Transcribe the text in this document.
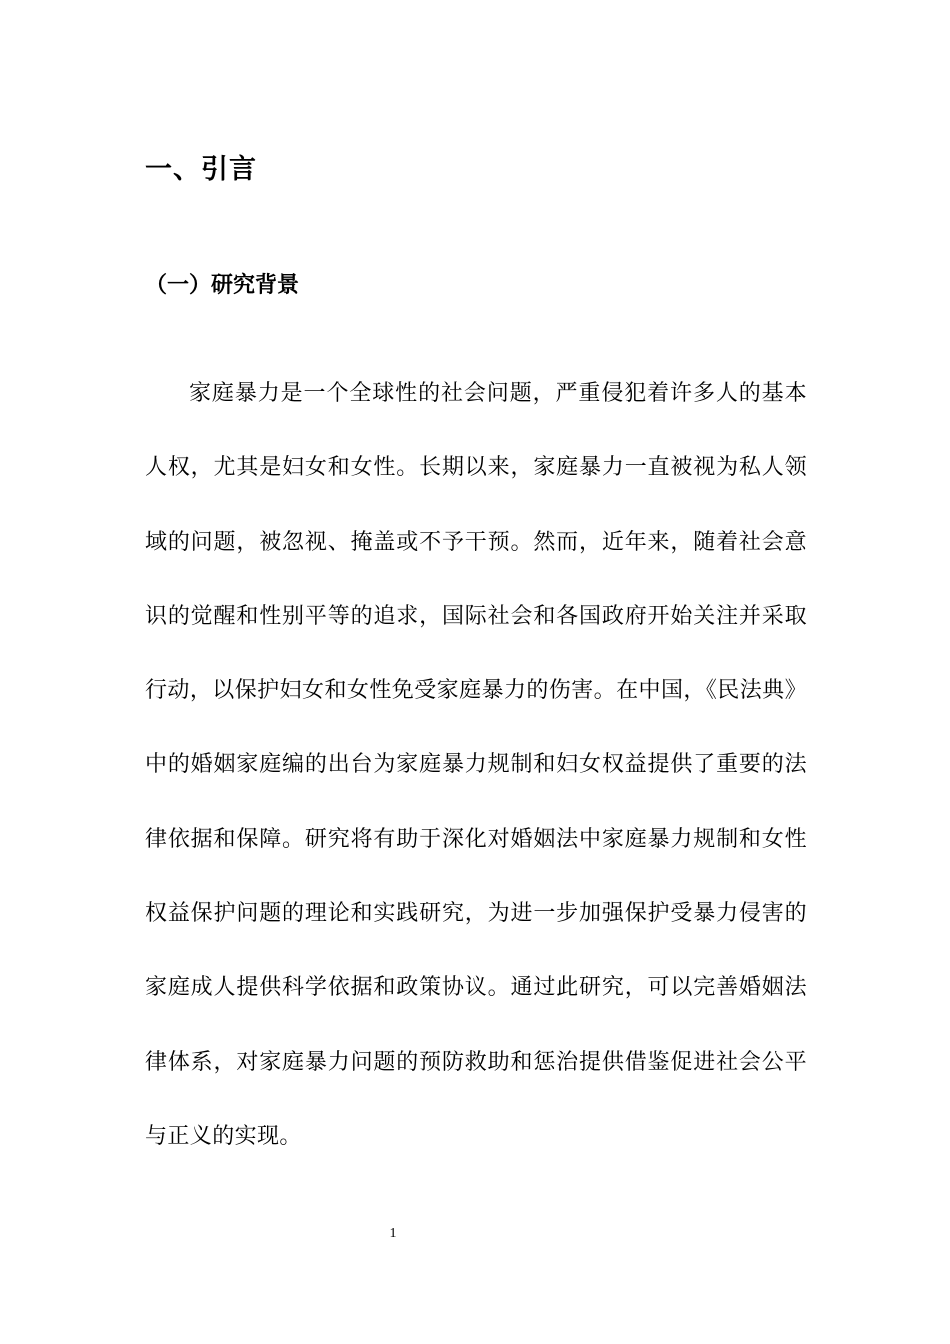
一、引言
（一）研究背景

家庭暴力是一个全球性的社会问题，严重侵犯着许多人的基本人权，尤其是妇女和女性。长期以来，家庭暴力一直被视为私人领域的问题，被忽视、掩盖或不予干预。然而，近年来，随着社会意识的觉醒和性别平等的追求，国际社会和各国政府开始关注并采取行动，以保护妇女和女性免受家庭暴力的伤害。在中国，《民法典》中的婚姻家庭编的出台为家庭暴力规制和妇女权益提供了重要的法律依据和保障。研究将有助于深化对婚姻法中家庭暴力规制和女性权益保护问题的理论和实践研究，为进一步加强保护受暴力侵害的家庭成人提供科学依据和政策协议。通过此研究，可以完善婚姻法律体系，对家庭暴力问题的预防救助和惩治提供借鉴促进社会公平与正义的实现。

1
